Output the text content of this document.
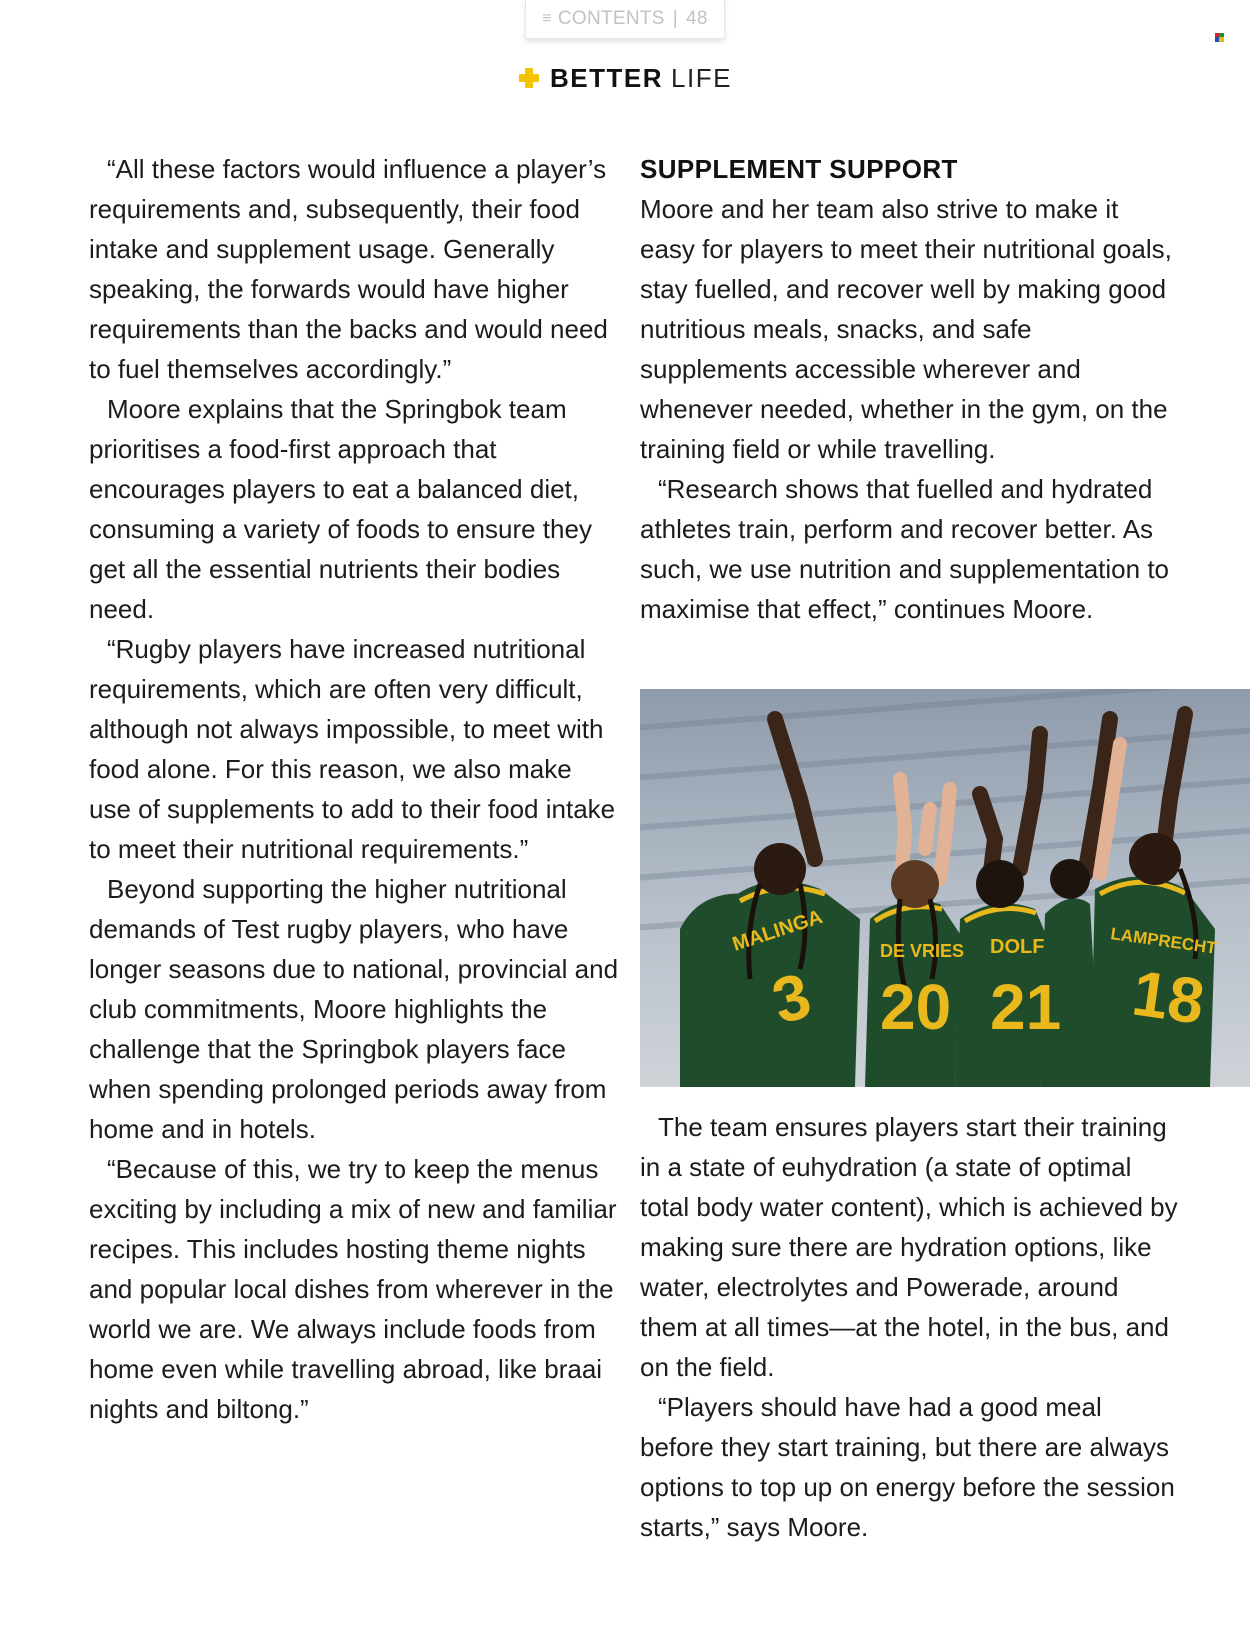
≡ CONTENTS | 48
BETTER LIFE

“All these factors would influence a player’s requirements and, subsequently, their food intake and supplement usage. Generally speaking, the forwards would have higher requirements than the backs and would need to fuel themselves accordingly.”

Moore explains that the Springbok team prioritises a food-first approach that encourages players to eat a balanced diet, consuming a variety of foods to ensure they get all the essential nutrients their bodies need.

“Rugby players have increased nutritional requirements, which are often very difficult, although not always impossible, to meet with food alone. For this reason, we also make use of supplements to add to their food intake to meet their nutritional requirements.”

Beyond supporting the higher nutritional demands of Test rugby players, who have longer seasons due to national, provincial and club commitments, Moore highlights the challenge that the Springbok players face when spending prolonged periods away from home and in hotels.

“Because of this, we try to keep the menus exciting by including a mix of new and familiar recipes. This includes hosting theme nights and popular local dishes from wherever in the world we are. We always include foods from home even while travelling abroad, like braai nights and biltong.”

SUPPLEMENT SUPPORT

Moore and her team also strive to make it easy for players to meet their nutritional goals, stay fuelled, and recover well by making good nutritious meals, snacks, and safe supplements accessible wherever and whenever needed, whether in the gym, on the training field or while travelling.

“Research shows that fuelled and hydrated athletes train, perform and recover better. As such, we use nutrition and supplementation to maximise that effect,” continues Moore.

MALINGA	DE VRIES DOLF	LAMPRECHT
3 20 21 18

The team ensures players start their training in a state of euhydration (a state of optimal total body water content), which is achieved by making sure there are hydration options, like water, electrolytes and Powerade, around them at all times—at the hotel, in the bus, and on the field.

“Players should have had a good meal before they start training, but there are always options to top up on energy before the session starts,” says Moore.
